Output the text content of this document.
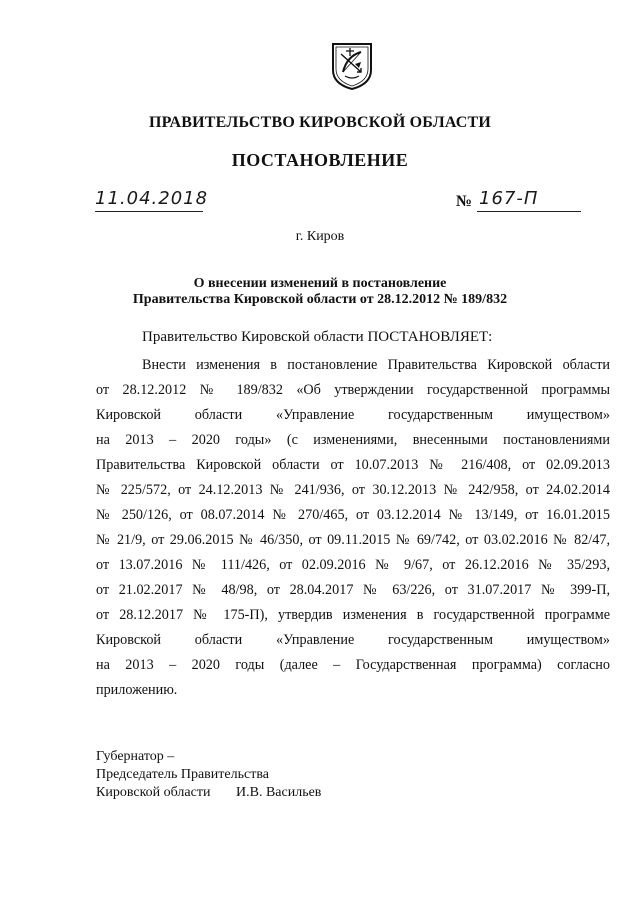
ПРАВИТЕЛЬСТВО КИРОВСКОЙ ОБЛАСТИ
ПОСТАНОВЛЕНИЕ
11.04.2018	№ 167-П
г. Киров
О внесении изменений в постановление
Правительства Кировской области от 28.12.2012 № 189/832
Правительство Кировской области ПОСТАНОВЛЯЕТ:
Внести изменения в постановление Правительства Кировской области
от 28.12.2012 № 189/832 «Об утверждении государственной программы
Кировской области «Управление государственным имуществом»
на 2013 – 2020 годы» (с изменениями, внесенными постановлениями
Правительства Кировской области от 10.07.2013 № 216/408, от 02.09.2013
№ 225/572, от 24.12.2013 № 241/936, от 30.12.2013 № 242/958, от 24.02.2014
№ 250/126, от 08.07.2014 № 270/465, от 03.12.2014 № 13/149, от 16.01.2015
№ 21/9, от 29.06.2015 № 46/350, от 09.11.2015 № 69/742, от 03.02.2016 № 82/47,
от 13.07.2016 № 111/426, от 02.09.2016 № 9/67, от 26.12.2016 № 35/293,
от 21.02.2017 № 48/98, от 28.04.2017 № 63/226, от 31.07.2017 № 399-П,
от 28.12.2017 № 175-П), утвердив изменения в государственной программе
Кировской области «Управление государственным имуществом»
на 2013 – 2020 годы (далее – Государственная программа) согласно
приложению.
Губернатор –
Председатель Правительства
Кировской области И.В. Васильев
